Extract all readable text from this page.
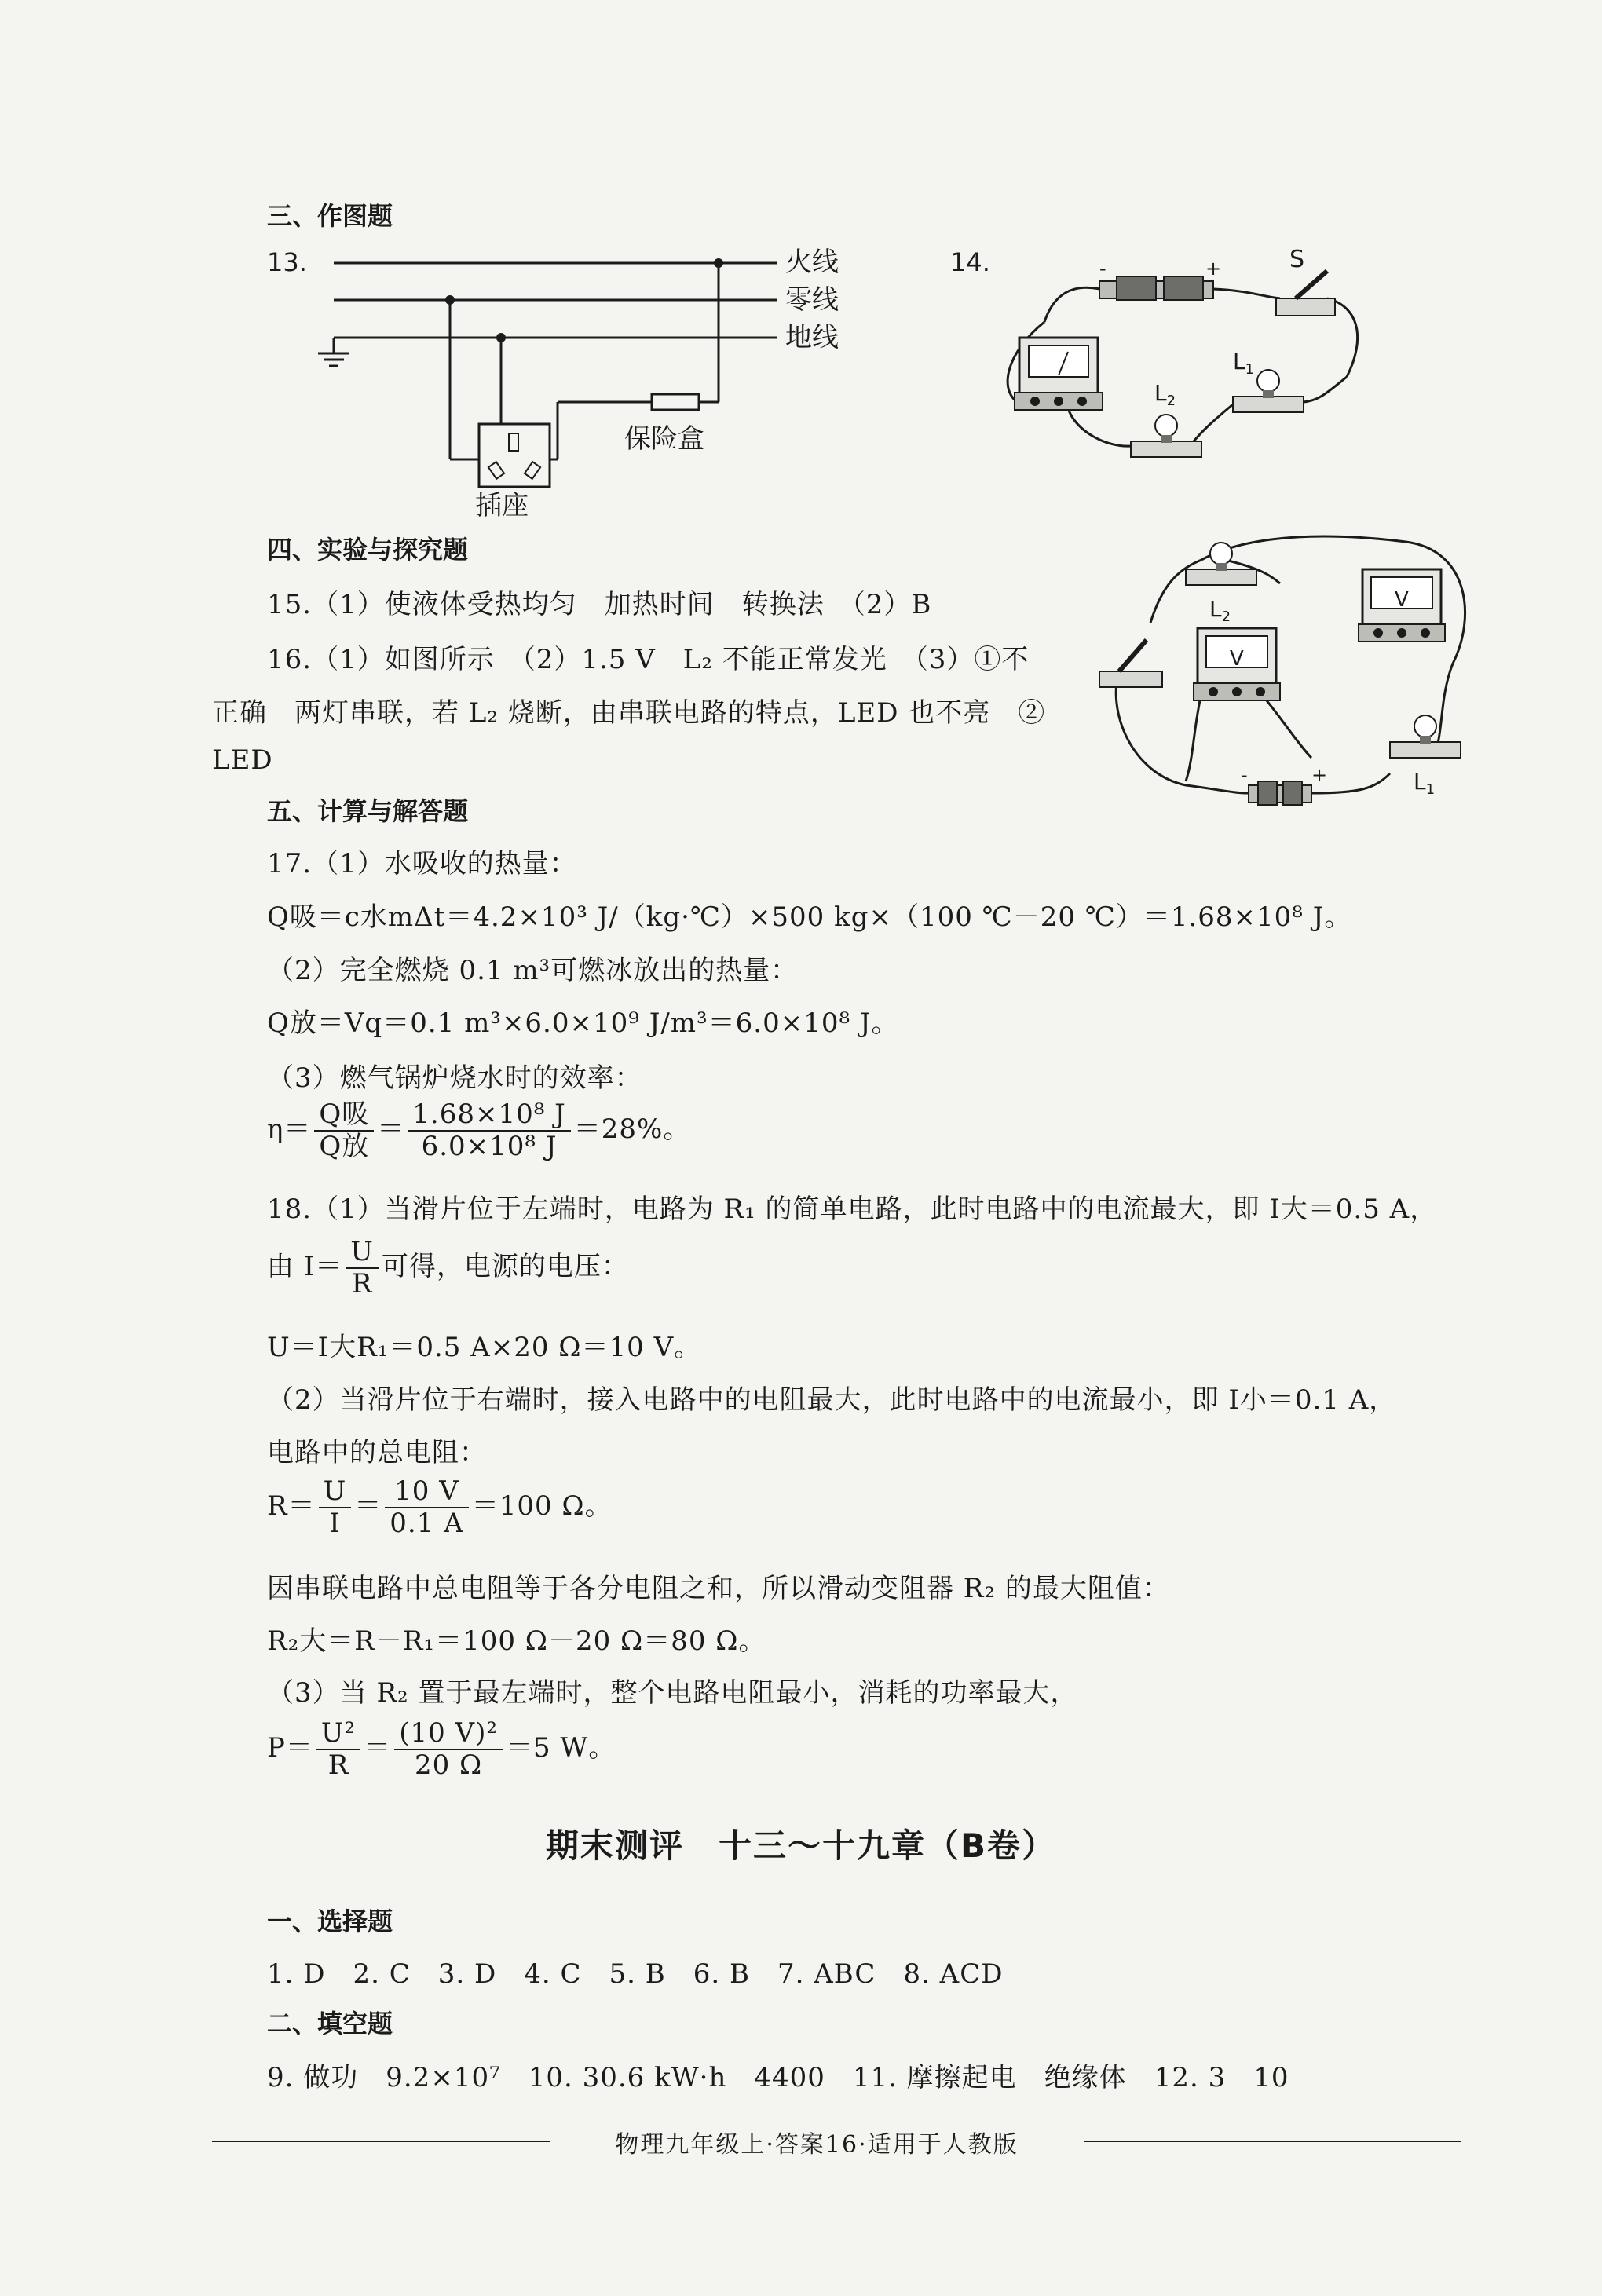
三、作图题
13.	火线
零线
地线
保险盒
插座
14.	-	+	S
$L_1$
$L_2$
$L_2$
V
V
$L_1$
-	+
四、实验与探究题
15.（1）使液体受热均匀　加热时间　转换法　（2）B
16.（1）如图所示　（2）1.5 V　L₂ 不能正常发光　（3）①不
正确　两灯串联，若 L₂ 烧断，由串联电路的特点，LED 也不亮　②
LED
五、计算与解答题
17.（1）水吸收的热量：
Q吸＝c水mΔt＝4.2×10³ J/（kg·℃）×500 kg×（100 ℃－20 ℃）＝1.68×10⁸ J。
（2）完全燃烧 0.1 m³可燃冰放出的热量：
Q放＝Vq＝0.1 m³×6.0×10⁹ J/m³＝6.0×10⁸ J。
（3）燃气锅炉烧水时的效率：
$\eta= \frac{\text{Q吸}}{\text{Q放}} = \frac{\text{1.68×10⁸ J}}{\text{6.0×10⁸ J}} =28\%$。
18.（1）当滑片位于左端时，电路为 R₁ 的简单电路，此时电路中的电流最大，即 I大＝0.5 A，
由 $I= \frac{U}{R}$ 可得，电源的电压：
U＝I大R₁＝0.5 A×20 Ω＝10 V。
（2）当滑片位于右端时，接入电路中的电阻最大，此时电路中的电流最小，即 I小＝0.1 A，
电路中的总电阻：
$R= \frac{U}{I} = \frac{10 V}{0.1 A} =100$ Ω。
因串联电路中总电阻等于各分电阻之和，所以滑动变阻器 R₂ 的最大阻值：
R₂大＝R－R₁＝100 Ω－20 Ω＝80 Ω。
（3）当 R₂ 置于最左端时，整个电路电阻最小，消耗的功率最大，
$P= \frac{\text{U²}}{R} = \frac{\text{(10 V)²}}{20 \Omega} =5$ W。
期末测评　十三～十九章（B卷）
一、选择题
1. D　2. C　3. D　4. C　5. B　6. B　7. ABC　8. ACD
二、填空题
9. 做功　9.2×10⁷　10. 30.6 kW·h　4400　11. 摩擦起电　绝缘体　12. 3　10
物理九年级上·答案16·适用于人教版
